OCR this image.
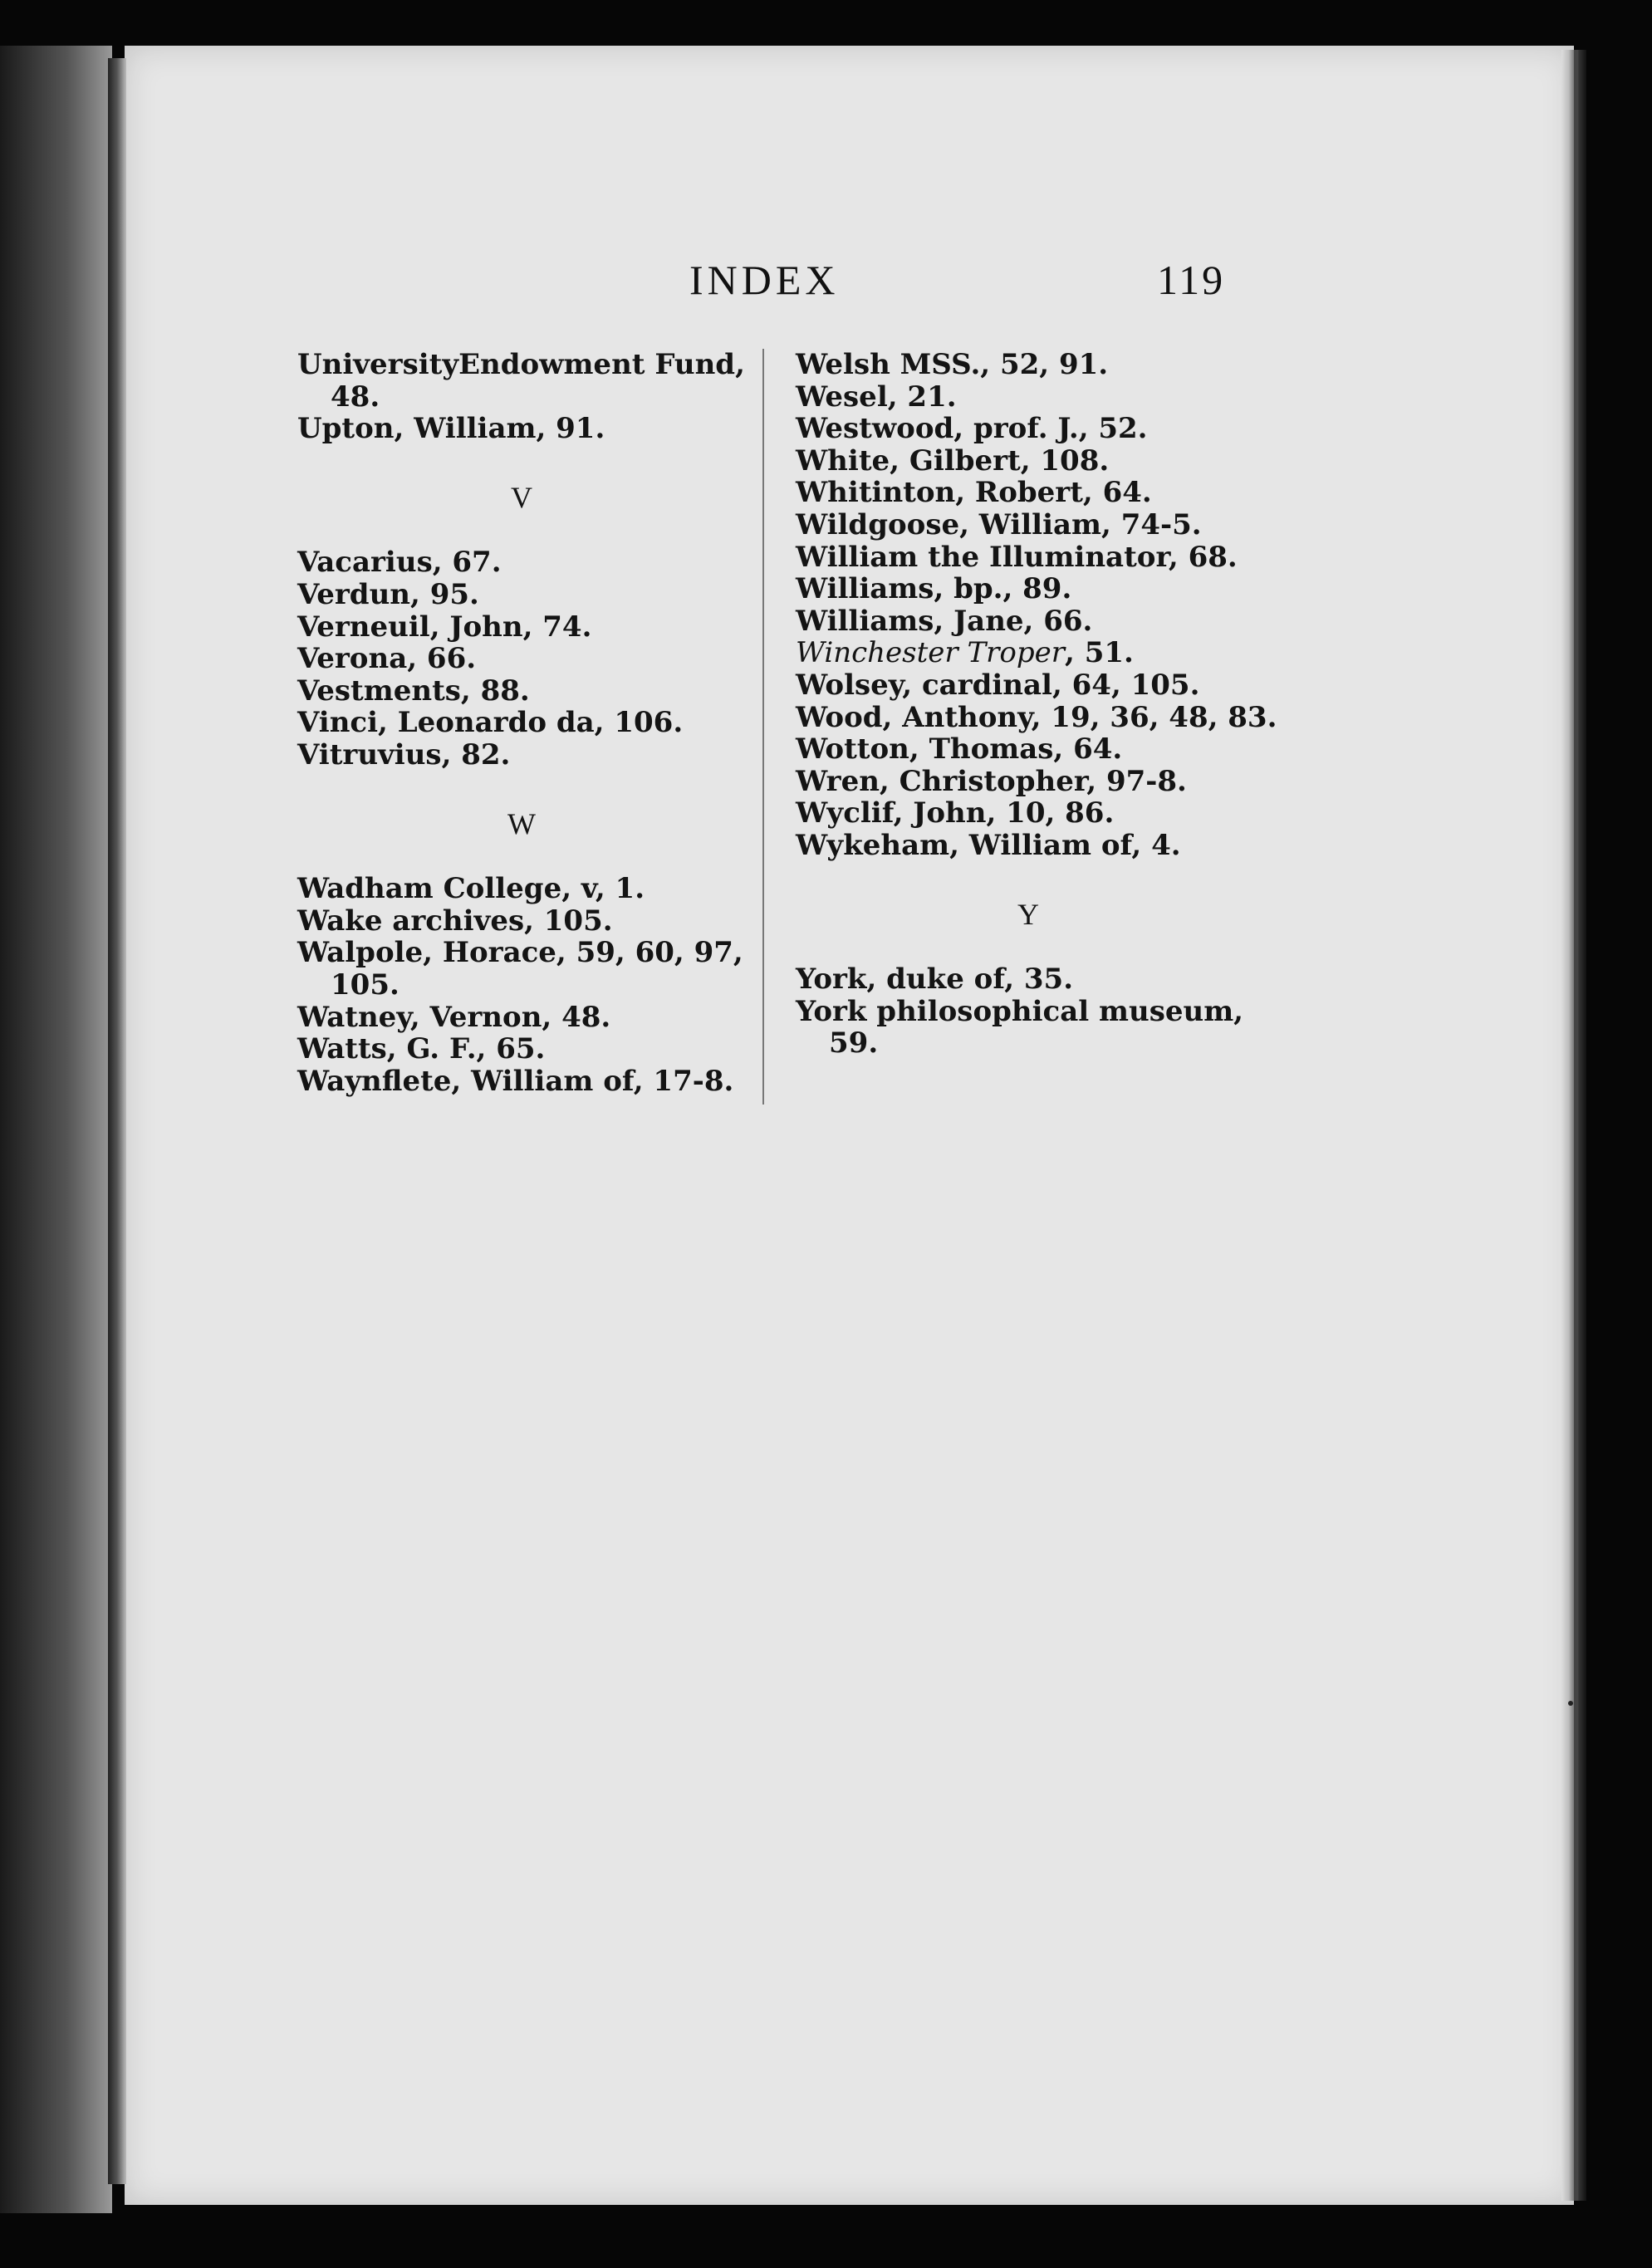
INDEX	119
UniversityEndowment Fund,
48.
Upton, William, 91.
V
Vacarius, 67.
Verdun, 95.
Verneuil, John, 74.
Verona, 66.
Vestments, 88.
Vinci, Leonardo da, 106.
Vitruvius, 82.
W
Wadham College, v, 1.
Wake archives, 105.
Walpole, Horace, 59, 60, 97,
105.
Watney, Vernon, 48.
Watts, G. F., 65.
Waynflete, William of, 17-8.
Welsh MSS., 52, 91.
Wesel, 21.
Westwood, prof. J., 52.
White, Gilbert, 108.
Whitinton, Robert, 64.
Wildgoose, William, 74-5.
William the Illuminator, 68.
Williams, bp., 89.
Williams, Jane, 66.
Winchester Troper, 51.
Wolsey, cardinal, 64, 105.
Wood, Anthony, 19, 36, 48, 83.
Wotton, Thomas, 64.
Wren, Christopher, 97-8.
Wyclif, John, 10, 86.
Wykeham, William of, 4.
Y
York, duke of, 35.
York philosophical museum,
59.
